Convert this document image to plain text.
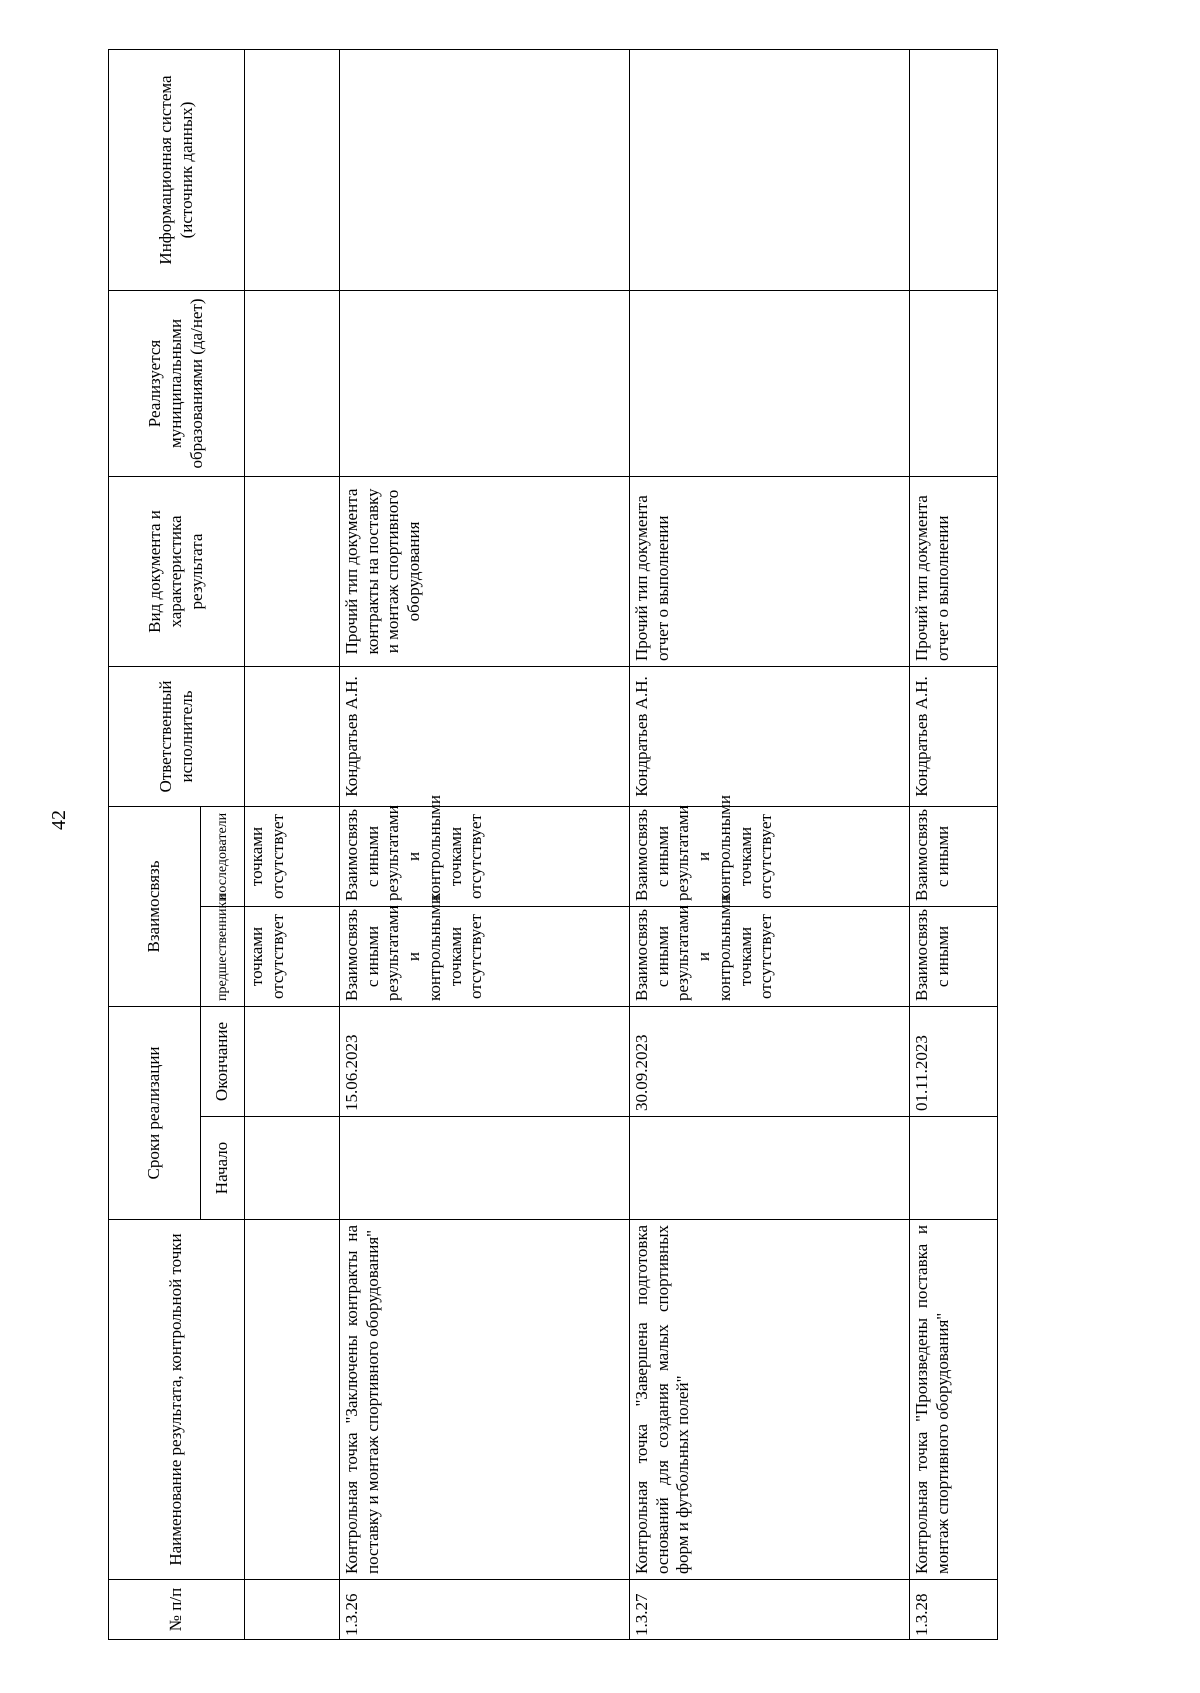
42
№ п/п	Наименование результата, контрольной точки	Сроки реализации		Взаимосвязь		Ответственный исполнитель	Вид документа и характеристика результата	Реализуется муниципальными образованиями (да/нет)	Информационная система (источник данных)
		Начало	Окончание	предшественники	последователи				
				точками отсутствует	точками отсутствует				
1.3.26	Контрольная точка "Заключены контракты на поставку и монтаж спортивного оборудования"		15.06.2023	Взаимосвязь с иными результатами и контрольными точками отсутствует	Взаимосвязь с иными результатами и контрольными точками отсутствует	Кондратьев А.Н.	Прочий тип документа контракты на поставку и монтаж спортивного оборудования		
1.3.27	Контрольная точка "Завершена подготовка оснований для создания малых спортивных форм и футбольных полей"		30.09.2023	Взаимосвязь с иными результатами и контрольными точками отсутствует	Взаимосвязь с иными результатами и контрольными точками отсутствует	Кондратьев А.Н.	Прочий тип документа отчет о выполнении		
1.3.28	Контрольная точка "Произведены поставка и монтаж спортивного оборудования"		01.11.2023	Взаимосвязь с иными	Взаимосвязь с иными	Кондратьев А.Н.	Прочий тип документа отчет о выполнении		
